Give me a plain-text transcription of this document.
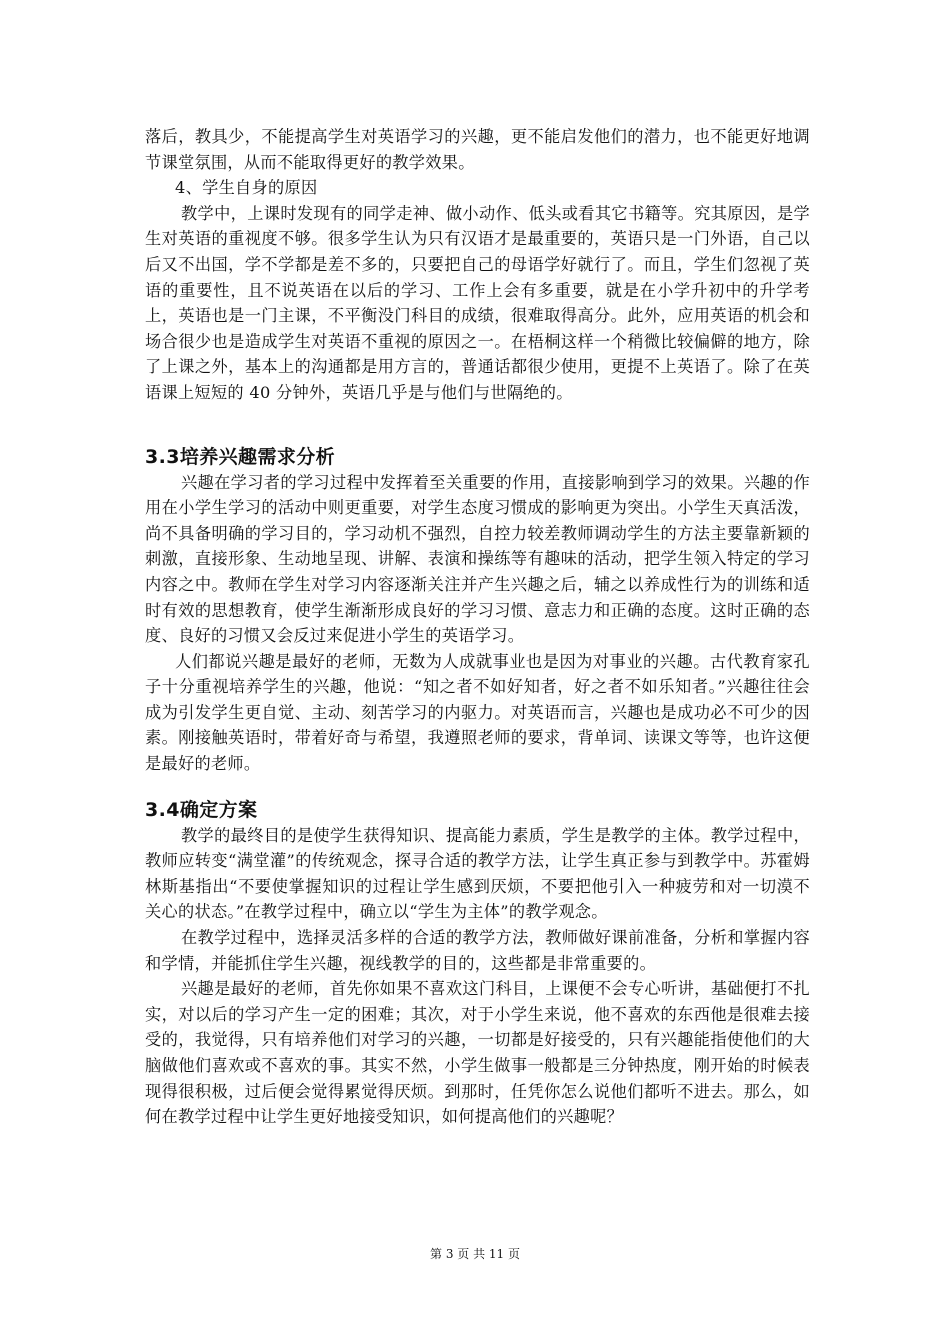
落后，教具少，不能提高学生对英语学习的兴趣，更不能启发他们的潜力，也不能更好地调节课堂氛围，从而不能取得更好的教学效果。

4、学生自身的原因

教学中，上课时发现有的同学走神、做小动作、低头或看其它书籍等。究其原因，是学生对英语的重视度不够。很多学生认为只有汉语才是最重要的，英语只是一门外语，自己以后又不出国，学不学都是差不多的，只要把自己的母语学好就行了。而且，学生们忽视了英语的重要性，且不说英语在以后的学习、工作上会有多重要，就是在小学升初中的升学考上，英语也是一门主课，不平衡没门科目的成绩，很难取得高分。此外，应用英语的机会和场合很少也是造成学生对英语不重视的原因之一。在梧桐这样一个稍微比较偏僻的地方，除了上课之外，基本上的沟通都是用方言的，普通话都很少使用，更提不上英语了。除了在英语课上短短的 40 分钟外，英语几乎是与他们与世隔绝的。

3.3培养兴趣需求分析

兴趣在学习者的学习过程中发挥着至关重要的作用，直接影响到学习的效果。兴趣的作用在小学生学习的活动中则更重要，对学生态度习惯成的影响更为突出。小学生天真活泼，尚不具备明确的学习目的，学习动机不强烈，自控力较差教师调动学生的方法主要靠新颖的刺激，直接形象、生动地呈现、讲解、表演和操练等有趣味的活动，把学生领入特定的学习内容之中。教师在学生对学习内容逐渐关注并产生兴趣之后，辅之以养成性行为的训练和适时有效的思想教育，使学生渐渐形成良好的学习习惯、意志力和正确的态度。这时正确的态度、良好的习惯又会反过来促进小学生的英语学习。

人们都说兴趣是最好的老师，无数为人成就事业也是因为对事业的兴趣。古代教育家孔子十分重视培养学生的兴趣，他说：“知之者不如好知者，好之者不如乐知者。”兴趣往往会成为引发学生更自觉、主动、刻苦学习的内驱力。对英语而言，兴趣也是成功必不可少的因素。刚接触英语时，带着好奇与希望，我遵照老师的要求，背单词、读课文等等，也许这便是最好的老师。

3.4确定方案

教学的最终目的是使学生获得知识、提高能力素质，学生是教学的主体。教学过程中，教师应转变“满堂灌”的传统观念，探寻合适的教学方法，让学生真正参与到教学中。苏霍姆林斯基指出“不要使掌握知识的过程让学生感到厌烦，不要把他引入一种疲劳和对一切漠不关心的状态。”在教学过程中，确立以“学生为主体”的教学观念。

在教学过程中，选择灵活多样的合适的教学方法，教师做好课前准备，分析和掌握内容和学情，并能抓住学生兴趣，视线教学的目的，这些都是非常重要的。

兴趣是最好的老师，首先你如果不喜欢这门科目，上课便不会专心听讲，基础便打不扎实，对以后的学习产生一定的困难；其次，对于小学生来说，他不喜欢的东西他是很难去接受的，我觉得，只有培养他们对学习的兴趣，一切都是好接受的，只有兴趣能指使他们的大脑做他们喜欢或不喜欢的事。其实不然，小学生做事一般都是三分钟热度，刚开始的时候表现得很积极，过后便会觉得累觉得厌烦。到那时，任凭你怎么说他们都听不进去。那么，如何在教学过程中让学生更好地接受知识，如何提高他们的兴趣呢？

第 3 页 共 11 页
